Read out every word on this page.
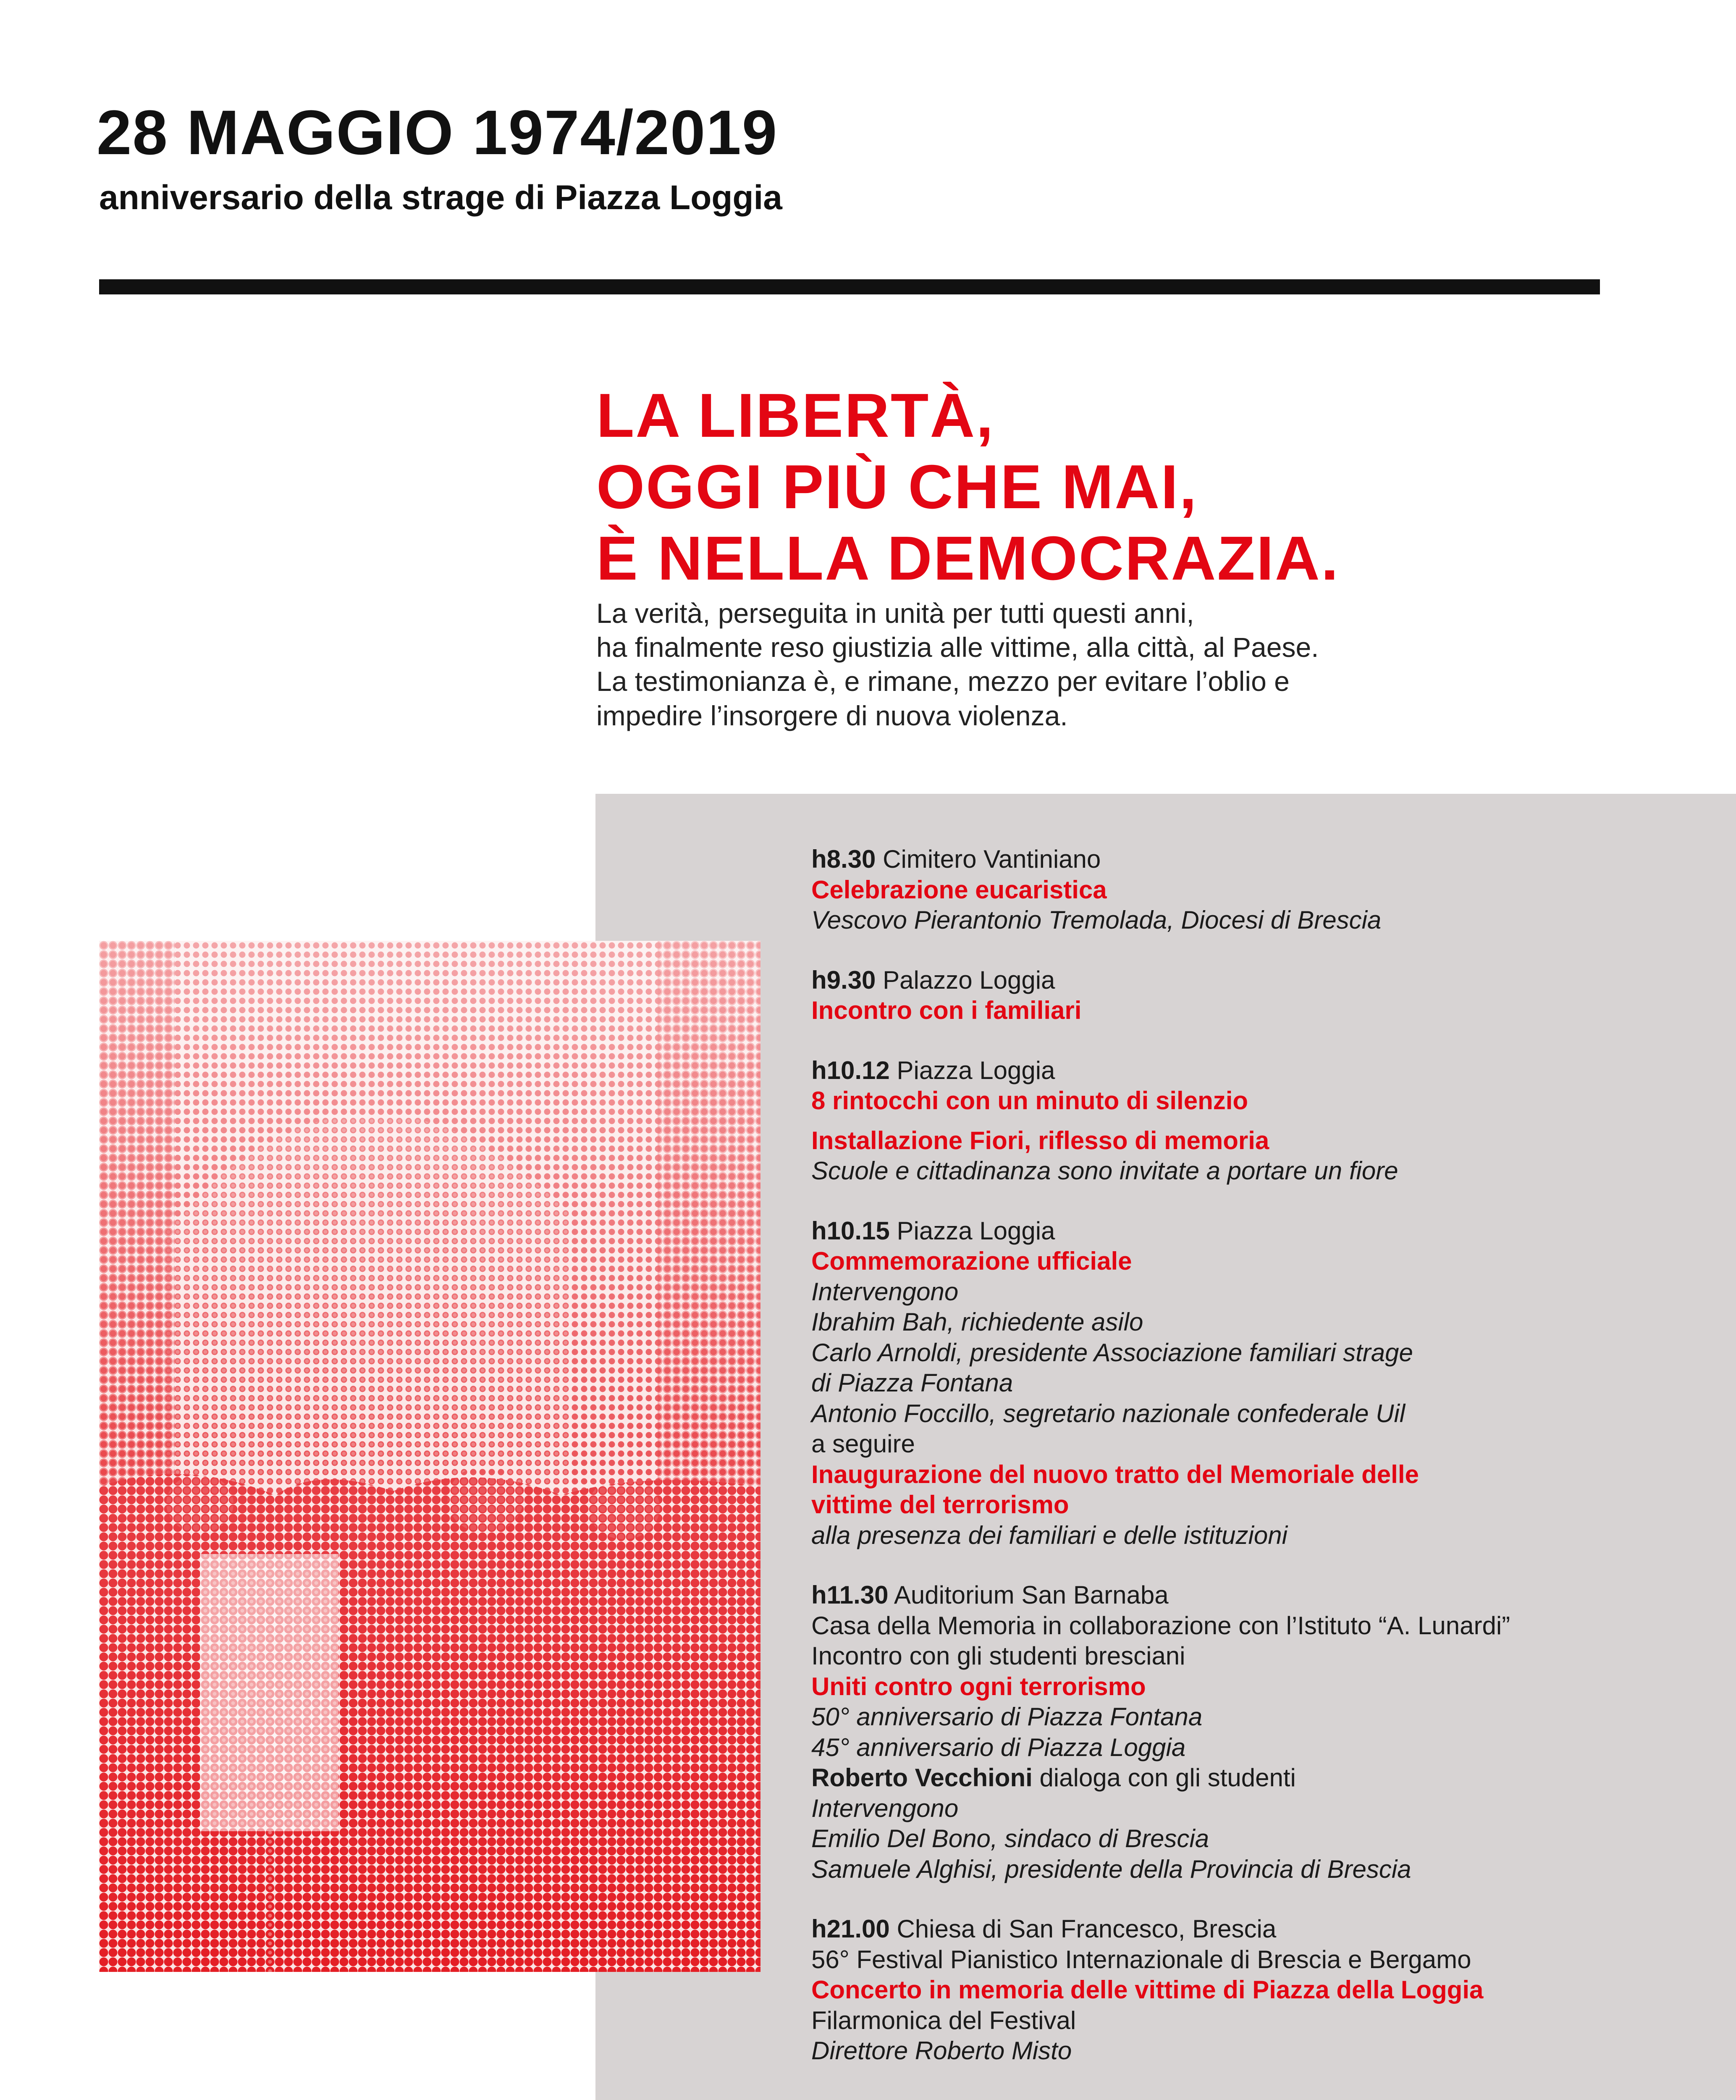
28 MAGGIO 1974/2019
anniversario della strage di Piazza Loggia
LA LIBERTÀ,
OGGI PIÙ CHE MAI,
È NELLA DEMOCRAZIA.
La verità, perseguita in unità per tutti questi anni,
ha finalmente reso giustizia alle vittime, alla città, al Paese.
La testimonianza è, e rimane, mezzo per evitare l’oblio e
impedire l’insorgere di nuova violenza.
h8.30 Cimitero Vantiniano
Celebrazione eucaristica
Vescovo Pierantonio Tremolada, Diocesi di Brescia
h9.30 Palazzo Loggia
Incontro con i familiari
h10.12 Piazza Loggia
8 rintocchi con un minuto di silenzio
Installazione Fiori, riflesso di memoria
Scuole e cittadinanza sono invitate a portare un fiore
h10.15 Piazza Loggia
Commemorazione ufficiale
Intervengono
Ibrahim Bah, richiedente asilo
Carlo Arnoldi, presidente Associazione familiari strage
di Piazza Fontana
Antonio Foccillo, segretario nazionale confederale Uil
a seguire
Inaugurazione del nuovo tratto del Memoriale delle
vittime del terrorismo
alla presenza dei familiari e delle istituzioni
h11.30 Auditorium San Barnaba
Casa della Memoria in collaborazione con l’Istituto “A. Lunardi”
Incontro con gli studenti bresciani
Uniti contro ogni terrorismo
50° anniversario di Piazza Fontana
45° anniversario di Piazza Loggia
Roberto Vecchioni dialoga con gli studenti
Intervengono
Emilio Del Bono, sindaco di Brescia
Samuele Alghisi, presidente della Provincia di Brescia
h21.00 Chiesa di San Francesco, Brescia
56° Festival Pianistico Internazionale di Brescia e Bergamo
Concerto in memoria delle vittime di Piazza della Loggia
Filarmonica del Festival
Direttore Roberto Misto
